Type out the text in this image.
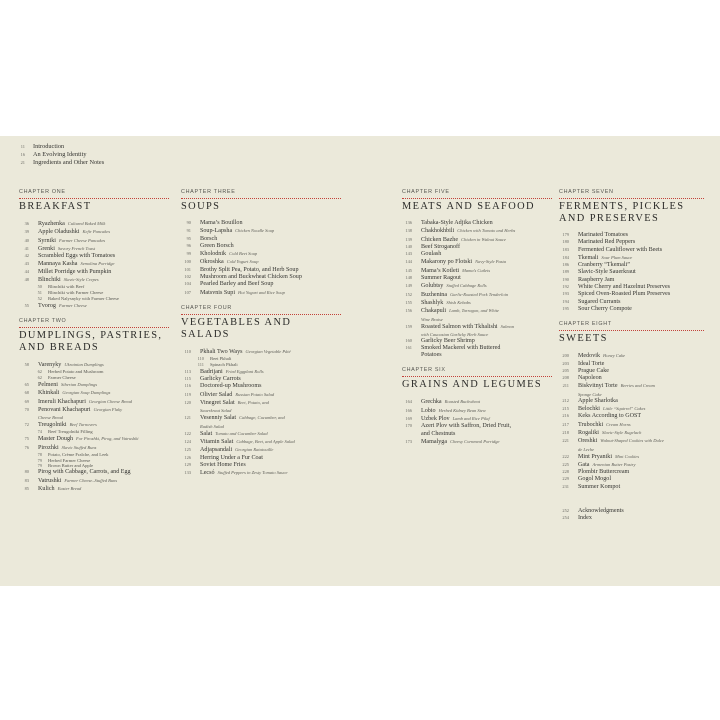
11 Introduction
16 An Evolving Identity
21 Ingredients and Other Notes
CHAPTER ONE
BREAKFAST
36 Ryazhenka Cultured Baked Milk
39 Apple Oladushki Kefir Pancakes
40 Syrniki Farmer Cheese Pancakes
41 Grenki Savory French Toast
42 Scrambled Eggs with Tomatoes
43 Mannaya Kasha Semolina Porridge
44 Millet Porridge with Pumpkin
48 Blinchiki Slavic-Style Crepes
50 Blinchiki with Beef
51 Blinchiki with Farmer Cheese
52 Baked Nalysnyky with Farmer Cheese
55 Tvorog Farmer Cheese
CHAPTER TWO
DUMPLINGS, PASTRIES,
AND BREADS
58 Varenyky Ukrainian Dumplings
62 Herbed Potato and Mushroom
62 Farmer Cheese
65 Pelmeni Siberian Dumplings
68 Khinkali Georgian Soup Dumplings
69 Imeruli Khachapuri Georgian Cheese Bread
70 Penovani Khachapuri Georgian Flaky
Cheese Bread
72 Treugolniki Beef Turnovers
74 Beef Treugolniki Filling
75 Master Dough For Pirozhki, Pirog, and Vatrushki
76 Pirozhki Slavic Stuffed Buns
78 Potato, Crème Fraîche, and Leek
79 Herbed Farmer Cheese
79 Brown Butter and Apple
80 Pirog with Cabbage, Carrots, and Egg
83 Vatrushki Farmer Cheese–Stuffed Buns
85 Kulich Easter Bread
CHAPTER THREE
SOUPS
90 Mama’s Bouillon
91 Soup-Lapsha Chicken Noodle Soup
95 Borsch
96 Green Borsch
99 Kholodnik Cold Beet Soup
100 Okroshka Cold Yogurt Soup
101 Brothy Split Pea, Potato, and Herb Soup
102 Mushroom and Buckwheat Chicken Soup
104 Pearled Barley and Beef Soup
107 Matsvnis Supi Hot Yogurt and Rice Soup
CHAPTER FOUR
VEGETABLES AND
SALADS
110 Pkhali Two Ways Georgian Vegetable Pâté
110 Beet Pkhali
111 Spinach Pkhali
113 Badrijani Fried Eggplant Rolls
115 Garlicky Carrots
116 Doctored-up Mushrooms
119 Olivier Salad Russian Potato Salad
120 Vinegret Salat Beet, Potato, and
Sauerkraut Salad
121 Vesenniy Salat Cabbage, Cucumber, and
Radish Salad
122 Salat Tomato and Cucumber Salad
124 Vitamin Salat Cabbage, Beet, and Apple Salad
125 Adjapsandali Georgian Ratatouille
126 Herring Under a Fur Coat
129 Soviet Home Fries
133 Lecsó Stuffed Peppers in Zesty Tomato Sauce
CHAPTER FIVE
MEATS AND SEAFOOD
136 Tabaka-Style Adjika Chicken
138 Chakhokhbili Chicken with Tomato and Herbs
139 Chicken Bazhe Chicken in Walnut Sauce
140 Beef Stroganoff
143 Goulash
144 Makarony po Flotski Navy-Style Pasta
145 Mama’s Kotleti Mama’s Cutlets
148 Summer Ragout
149 Golubtsy Stuffed Cabbage Rolls
152 Buzhenina Garlic-Roasted Pork Tenderloin
155 Shashlyk Shish Kebabs
156 Chakapuli Lamb, Tarragon, and White
Wine Braise
159 Roasted Salmon with Tkhalishi Salmon
with Caucasian Garlicky Herb Sauce
160 Garlicky Beer Shrimp
161 Smoked Mackerel with Buttered
Potatoes
CHAPTER SIX
GRAINS AND LEGUMES
164 Grechka Roasted Buckwheat
166 Lobio Herbed Kidney Bean Stew
169 Uzbek Plov Lamb and Rice Pilaf
170 Azeri Plov with Saffron, Dried Fruit,
and Chestnuts
173 Mamalyga Cheesy Cornmeal Porridge
CHAPTER SEVEN
FERMENTS, PICKLES
AND PRESERVES
179 Marinated Tomatoes
180 Marinated Red Peppers
183 Fermented Cauliflower with Beets
184 Tkemali Sour Plum Sauce
186 Cranberry “Tkemali”
189 Slavic-Style Sauerkraut
190 Raspberry Jam
192 White Cherry and Hazelnut Preserves
193 Spiced Oven-Roasted Plum Preserves
194 Sugared Currants
195 Sour Cherry Compote
CHAPTER EIGHT
SWEETS
200 Medovik Honey Cake
203 Ideal Torte
205 Prague Cake
208 Napoleon
211 Biskvitnyi Torte Berries and Cream
Sponge Cake
212 Apple Sharlotka
215 Belochki Little “Squirrel” Cakes
216 Keks According to GOST
217 Trubochki Cream Horns
218 Rogaliki Slavic-Style Rugelach
221 Oreshki Walnut-Shaped Cookies with Dulce
de Leche
222 Mint Pryaniki Mint Cookies
225 Gata Armenian Butter Pastry
228 Plombir Buttercream
229 Gogol Mogol
231 Summer Kompot
252 Acknowledgments
254 Index
